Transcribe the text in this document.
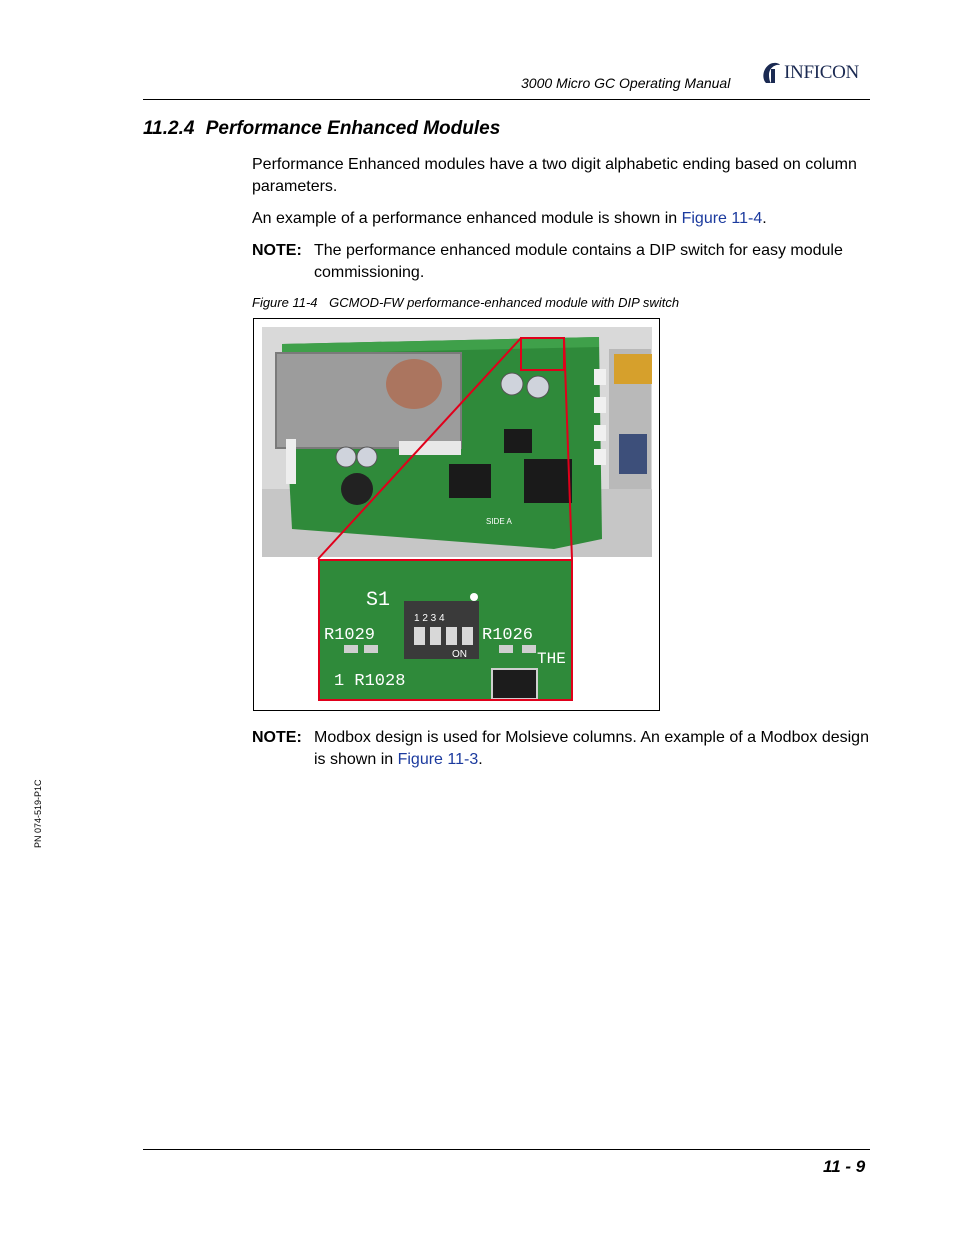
3000 Micro GC Operating Manual	INFICON
11.2.4 Performance Enhanced Modules
Performance Enhanced modules have a two digit alphabetic ending based on column parameters.
An example of a performance enhanced module is shown in Figure 11-4.
NOTE: The performance enhanced module contains a DIP switch for easy module commissioning.
Figure 11-4 GCMOD-FW performance-enhanced module with DIP switch
S1
R1029	R1026
1 R1028
THE
1 2 3 4
ON
SIDE A
NOTE: Modbox design is used for Molsieve columns. An example of a Modbox design is shown in Figure 11-3.
PN 074-519-P1C
11 - 9
